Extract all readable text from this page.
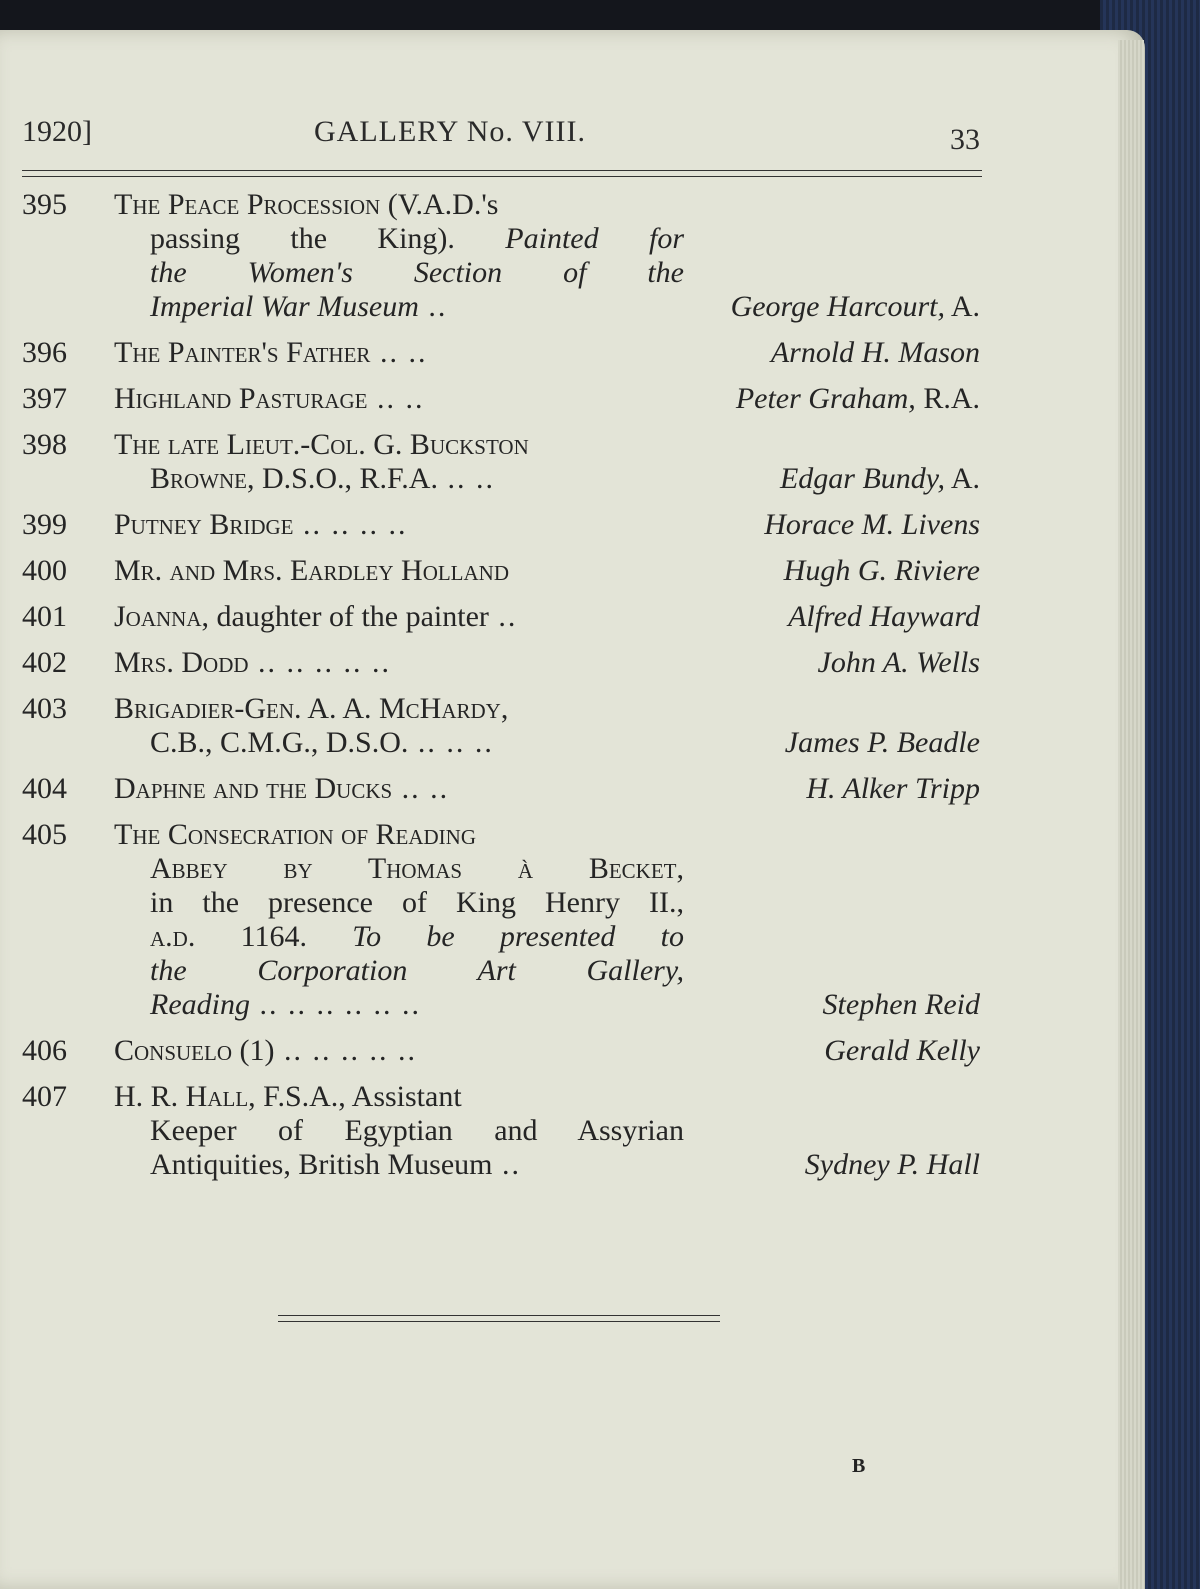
1920]	GALLERY No. VIII.	33
395	The Peace Procession (V.A.D.'s
passing the King). Painted for
the Women's Section of the
Imperial War Museum ..	George Harcourt, A.
396	The Painter's Father .. ..	Arnold H. Mason
397	Highland Pasturage .. ..	Peter Graham, R.A.
398	The late Lieut.-Col. G. Buckston
Browne, D.S.O., R.F.A. .. ..	Edgar Bundy, A.
399	Putney Bridge .. .. .. ..	Horace M. Livens
400	Mr. and Mrs. Eardley Holland	Hugh G. Riviere
401	Joanna, daughter of the painter ..	Alfred Hayward
402	Mrs. Dodd .. .. .. .. ..	John A. Wells
403	Brigadier-Gen. A. A. McHardy,
C.B., C.M.G., D.S.O. .. .. ..	James P. Beadle
404	Daphne and the Ducks .. ..	H. Alker Tripp
405	The Consecration of Reading
Abbey by Thomas à Becket,
in the presence of King Henry II.,
a.d. 1164. To be presented to
the Corporation Art Gallery,
Reading .. .. .. .. .. ..	Stephen Reid
406	Consuelo (1) .. .. .. .. ..	Gerald Kelly
407	H. R. Hall, F.S.A., Assistant
Keeper of Egyptian and Assyrian
Antiquities, British Museum ..	Sydney P. Hall
B
